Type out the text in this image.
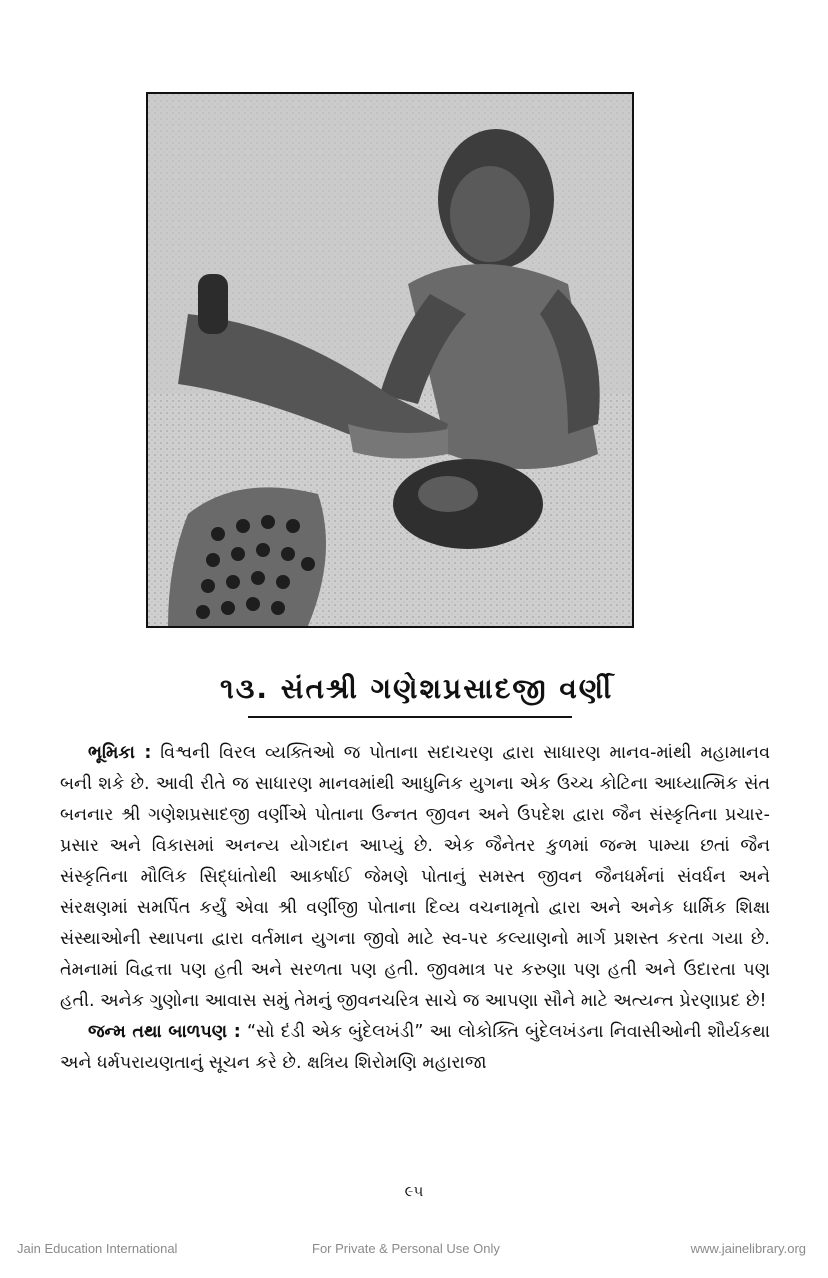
૧૩. સંતશ્રી ગણેશપ્રસાદજી વર્ણી

ભૂમિકા : વિશ્વની વિરલ વ્યક્તિઓ જ પોતાના સદાચરણ દ્વારા સાધારણ માનવ-માંથી મહામાનવ બની શકે છે. આવી રીતે જ સાધારણ માનવમાંથી આધુનિક યુગના એક ઉચ્ચ કોટિના આધ્યાત્મિક સંત બનનાર શ્રી ગણેશપ્રસાદજી વર્ણીએ પોતાના ઉન્નત જીવન અને ઉપદેશ દ્વારા જૈન સંસ્કૃતિના પ્રચાર-પ્રસાર અને વિકાસમાં અનન્ય યોગદાન આપ્યું છે. એક જૈનેતર કુળમાં જન્મ પામ્યા છતાં જૈન સંસ્કૃતિના મૌલિક સિદ્ધાંતોથી આકર્ષાઈ જેમણે પોતાનું સમસ્ત જીવન જૈનધર્મનાં સંવર્ધન અને સંરક્ષણમાં સમર્પિત કર્યું એવા શ્રી વર્ણીજી પોતાના દિવ્ય વચનામૃતો દ્વારા અને અનેક ધાર્મિક શિક્ષા સંસ્થાઓની સ્થાપના દ્વારા વર્તમાન યુગના જીવો માટે સ્વ-પર કલ્યાણનો માર્ગ પ્રશસ્ત કરતા ગયા છે. તેમનામાં વિદ્વત્તા પણ હતી અને સરળતા પણ હતી. જીવમાત્ર પર કરુણા પણ હતી અને ઉદારતા પણ હતી. અનેક ગુણોના આવાસ સમું તેમનું જીવનચરિત્ર સાચે જ આપણા સૌને માટે અત્યન્ત પ્રેરણાપ્રદ છે!

જન્મ તથા બાળપણ : “સો દંડી એક બુંદેલખંડી” આ લોકોક્તિ બુંદેલખંડના નિવાસીઓની શૌર્યકથા અને ધર્મપરાયણતાનું સૂચન કરે છે. ક્ષત્રિય શિરોમણિ મહારાજા

૯૫
Jain Education International	For Private & Personal Use Only	www.jainelibrary.org
